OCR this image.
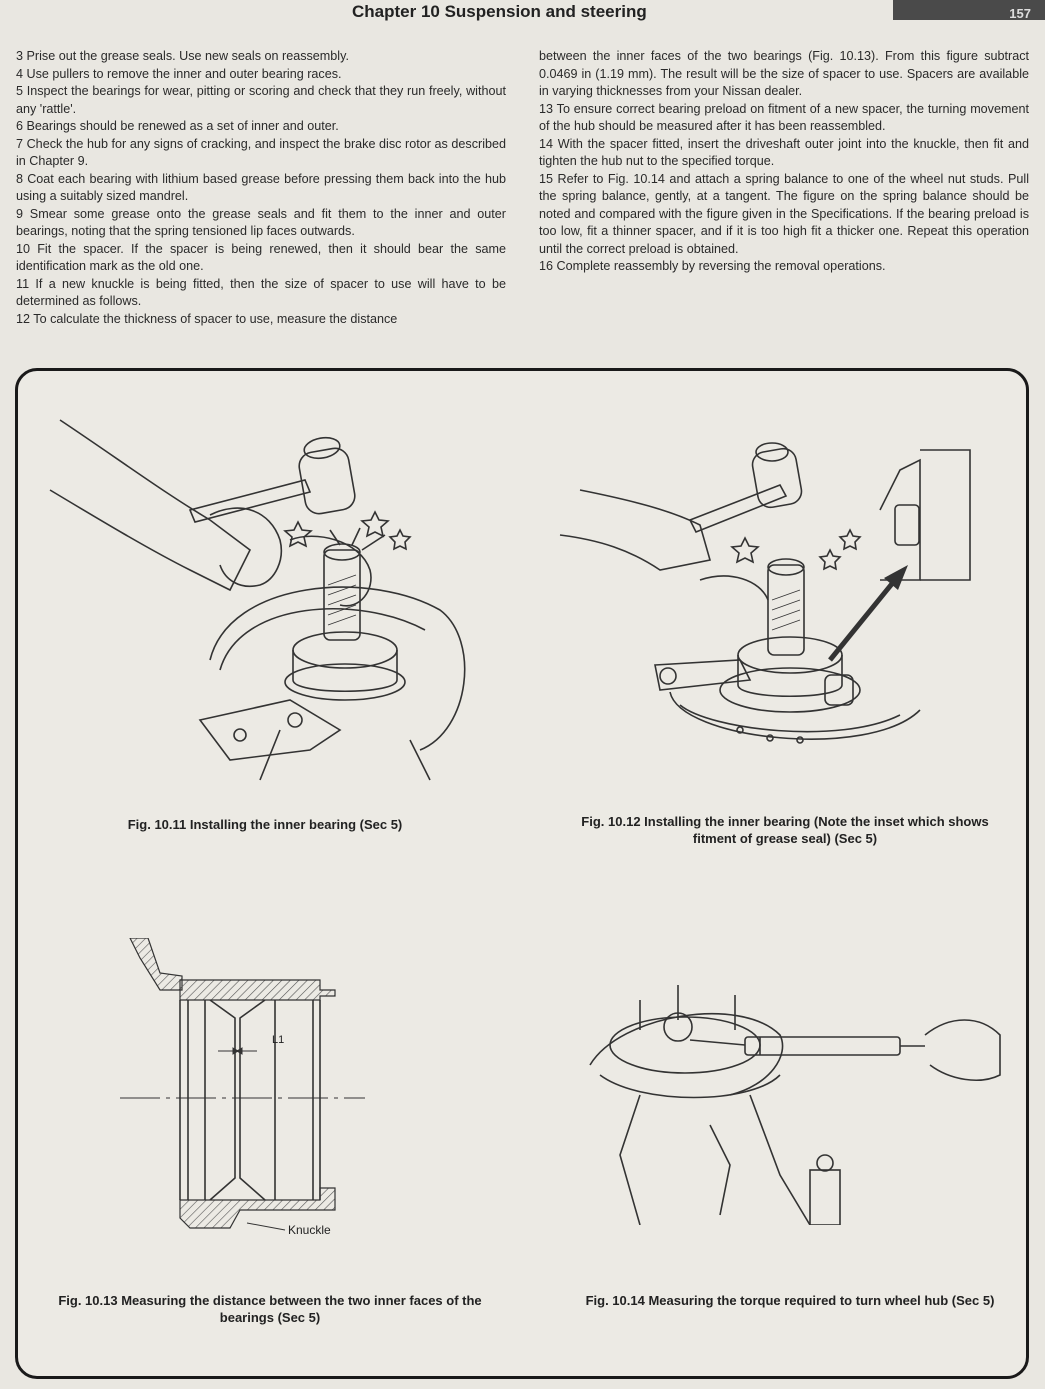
Chapter 10 Suspension and steering	157

3 Prise out the grease seals. Use new seals on reassembly.

4 Use pullers to remove the inner and outer bearing races.

5 Inspect the bearings for wear, pitting or scoring and check that they run freely, without any 'rattle'.

6 Bearings should be renewed as a set of inner and outer.

7 Check the hub for any signs of cracking, and inspect the brake disc rotor as described in Chapter 9.

8 Coat each bearing with lithium based grease before pressing them back into the hub using a suitably sized mandrel.

9 Smear some grease onto the grease seals and fit them to the inner and outer bearings, noting that the spring tensioned lip faces outwards.

10 Fit the spacer. If the spacer is being renewed, then it should bear the same identification mark as the old one.

11 If a new knuckle is being fitted, then the size of spacer to use will have to be determined as follows.

12 To calculate the thickness of spacer to use, measure the distance

between the inner faces of the two bearings (Fig. 10.13). From this figure subtract 0.0469 in (1.19 mm). The result will be the size of spacer to use. Spacers are available in varying thicknesses from your Nissan dealer.

13 To ensure correct bearing preload on fitment of a new spacer, the turning movement of the hub should be measured after it has been reassembled.

14 With the spacer fitted, insert the driveshaft outer joint into the knuckle, then fit and tighten the hub nut to the specified torque.

15 Refer to Fig. 10.14 and attach a spring balance to one of the wheel nut studs. Pull the spring balance, gently, at a tangent. The figure on the spring balance should be noted and compared with the figure given in the Specifications. If the bearing preload is too low, fit a thinner spacer, and if it is too high fit a thicker one. Repeat this operation until the correct preload is obtained.

16 Complete reassembly by reversing the removal operations.

Fig. 10.11 Installing the inner bearing (Sec 5)	Fig. 10.12 Installing the inner bearing (Note the inset which shows fitment of grease seal) (Sec 5)
L1
Knuckle
Fig. 10.13 Measuring the distance between the two inner faces of the bearings (Sec 5)
Fig. 10.14 Measuring the torque required to turn wheel hub (Sec 5)
